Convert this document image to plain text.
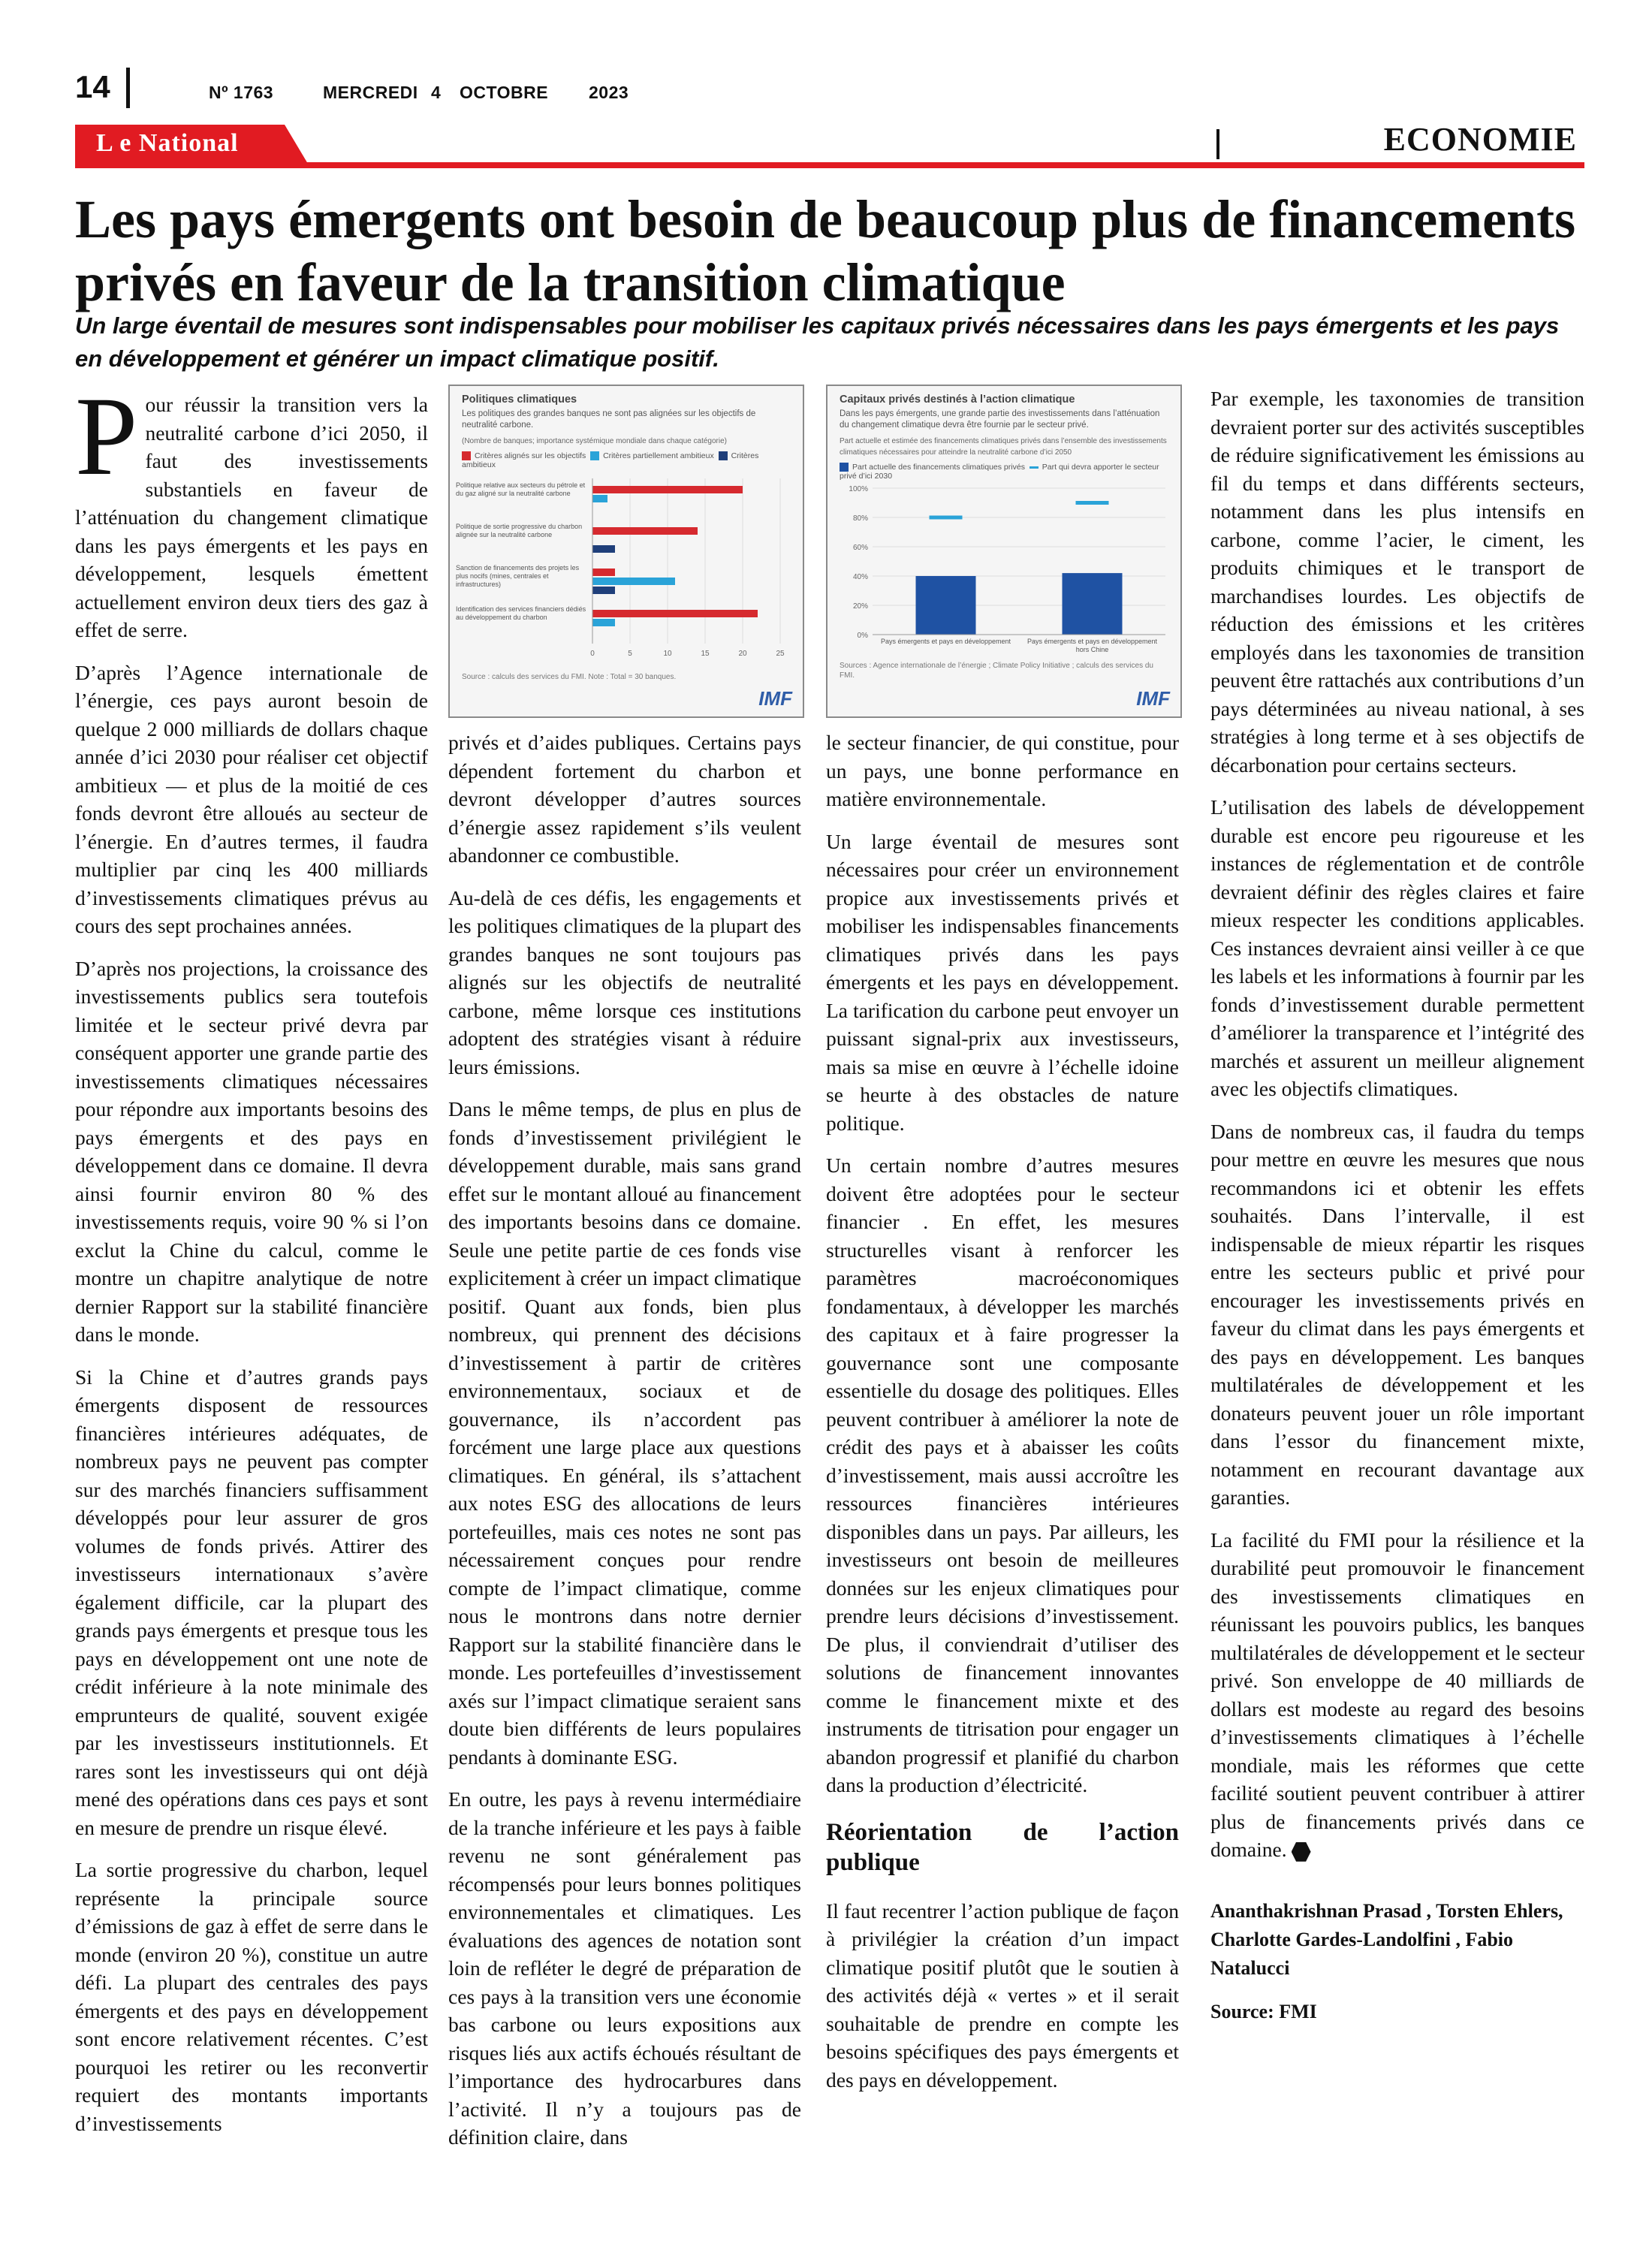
14	Nº 1763	MERCREDI 4 OCTOBRE 2023
L e National	ECONOMIE
Les pays émergents ont besoin de beaucoup plus de financements privés en faveur de la transition climatique
Un large éventail de mesures sont indispensables pour mobiliser les capitaux privés nécessaires dans les pays émergents et les pays en développement et générer un impact climatique positif.

Pour réussir la transition vers la neutralité carbone d’ici 2050, il faut des investissements substantiels en faveur de l’atténuation du changement climatique dans les pays émergents et les pays en développement, lesquels émettent actuellement environ deux tiers des gaz à effet de serre.

D’après l’Agence internationale de l’énergie, ces pays auront besoin de quelque 2 000 milliards de dollars chaque année d’ici 2030 pour réaliser cet objectif ambitieux — et plus de la moitié de ces fonds devront être alloués au secteur de l’énergie. En d’autres termes, il faudra multiplier par cinq les 400 milliards d’investissements climatiques prévus au cours des sept prochaines années.

D’après nos projections, la croissance des investissements publics sera toutefois limitée et le secteur privé devra par conséquent apporter une grande partie des investissements climatiques nécessaires pour répondre aux importants besoins des pays émergents et des pays en développement dans ce domaine. Il devra ainsi fournir environ 80 % des investissements requis, voire 90 % si l’on exclut la Chine du calcul, comme le montre un chapitre analytique de notre dernier Rapport sur la stabilité financière dans le monde.

Si la Chine et d’autres grands pays émergents disposent de ressources financières intérieures adéquates, de nombreux pays ne peuvent pas compter sur des marchés financiers suffisamment développés pour leur assurer de gros volumes de fonds privés. Attirer des investisseurs internationaux s’avère également difficile, car la plupart des grands pays émergents et presque tous les pays en développement ont une note de crédit inférieure à la note minimale des emprunteurs de qualité, souvent exigée par les investisseurs institutionnels. Et rares sont les investisseurs qui ont déjà mené des opérations dans ces pays et sont en mesure de prendre un risque élevé.

La sortie progressive du charbon, lequel représente la principale source d’émissions de gaz à effet de serre dans le monde (environ 20 %), constitue un autre défi. La plupart des centrales des pays émergents et des pays en développement sont encore relativement récentes. C’est pourquoi les retirer ou les reconvertir requiert des montants importants d’investissements

Politiques climatiques
Les politiques des grandes banques ne sont pas alignées sur les objectifs de neutralité carbone.
(Nombre de banques; importance systémique mondiale dans chaque catégorie)
Critères alignés sur les objectifs Critères partiellement ambitieux Critères ambitieux
0	5	10	15	20	25
Politique relative aux secteurs du pétrole et du gaz aligné sur la neutralité carbone
Politique de sortie progressive du charbon alignée sur la neutralité carbone
Sanction de financements des projets les plus nocifs (mines, centrales et infrastructures)
Identification des services financiers dédiés au développement du charbon
Source : calculs des services du FMI. Note : Total = 30 banques.
IMF

privés et d’aides publiques. Certains pays dépendent fortement du charbon et devront développer d’autres sources d’énergie assez rapidement s’ils veulent abandonner ce combustible.

Au-delà de ces défis, les engagements et les politiques climatiques de la plupart des grandes banques ne sont toujours pas alignés sur les objectifs de neutralité carbone, même lorsque ces institutions adoptent des stratégies visant à réduire leurs émissions.

Dans le même temps, de plus en plus de fonds d’investissement privilégient le développement durable, mais sans grand effet sur le montant alloué au financement des importants besoins dans ce domaine. Seule une petite partie de ces fonds vise explicitement à créer un impact climatique positif. Quant aux fonds, bien plus nombreux, qui prennent des décisions d’investissement à partir de critères environnementaux, sociaux et de gouvernance, ils n’accordent pas forcément une large place aux questions climatiques. En général, ils s’attachent aux notes ESG des allocations de leurs portefeuilles, mais ces notes ne sont pas nécessairement conçues pour rendre compte de l’impact climatique, comme nous le montrons dans notre dernier Rapport sur la stabilité financière dans le monde. Les portefeuilles d’investissement axés sur l’impact climatique seraient sans doute bien différents de leurs populaires pendants à dominante ESG.

En outre, les pays à revenu intermédiaire de la tranche inférieure et les pays à faible revenu ne sont généralement pas récompensés pour leurs bonnes politiques environnementales et climatiques. Les évaluations des agences de notation sont loin de refléter le degré de préparation de ces pays à la transition vers une économie bas carbone ou leurs expositions aux risques liés aux actifs échoués résultant de l’importance des hydrocarbures dans l’activité. Il n’y a toujours pas de définition claire, dans

Capitaux privés destinés à l’action climatique
Dans les pays émergents, une grande partie des investissements dans l’atténuation du changement climatique devra être fournie par le secteur privé.
Part actuelle et estimée des financements climatiques privés dans l’ensemble des investissements climatiques nécessaires pour atteindre la neutralité carbone d’ici 2050
Part actuelle des financements climatiques privés Part qui devra apporter le secteur privé d’ici 2030
0%
20%
40%
60%
80%
100%
Pays émergents et pays en développement Pays émergents et pays en développement hors Chine
Sources : Agence internationale de l’énergie ; Climate Policy Initiative ; calculs des services du FMI.
IMF

le secteur financier, de qui constitue, pour un pays, une bonne performance en matière environnementale.

Un large éventail de mesures sont nécessaires pour créer un environnement propice aux investissements privés et mobiliser les indispensables financements climatiques privés dans les pays émergents et les pays en développement. La tarification du carbone peut envoyer un puissant signal-prix aux investisseurs, mais sa mise en œuvre à l’échelle idoine se heurte à des obstacles de nature politique.

Un certain nombre d’autres mesures doivent être adoptées pour le secteur financier . En effet, les mesures structurelles visant à renforcer les paramètres macroéconomiques fondamentaux, à développer les marchés des capitaux et à faire progresser la gouvernance sont une composante essentielle du dosage des politiques. Elles peuvent contribuer à améliorer la note de crédit des pays et à abaisser les coûts d’investissement, mais aussi accroître les ressources financières intérieures disponibles dans un pays. Par ailleurs, les investisseurs ont besoin de meilleures données sur les enjeux climatiques pour prendre leurs décisions d’investissement. De plus, il conviendrait d’utiliser des solutions de financement innovantes comme le financement mixte et des instruments de titrisation pour engager un abandon progressif et planifié du charbon dans la production d’électricité.

Réorientation de l’action publique

Il faut recentrer l’action publique de façon à privilégier la création d’un impact climatique positif plutôt que le soutien à des activités déjà « vertes » et il serait souhaitable de prendre en compte les besoins spécifiques des pays émergents et des pays en développement.

Par exemple, les taxonomies de transition devraient porter sur des activités susceptibles de réduire significativement les émissions au fil du temps et dans différents secteurs, notamment dans les plus intensifs en carbone, comme l’acier, le ciment, les produits chimiques et le transport de marchandises lourdes. Les objectifs de réduction des émissions et les critères employés dans les taxonomies de transition peuvent être rattachés aux contributions d’un pays déterminées au niveau national, à ses stratégies à long terme et à ses objectifs de décarbonation pour certains secteurs.

L’utilisation des labels de développement durable est encore peu rigoureuse et les instances de réglementation et de contrôle devraient définir des règles claires et faire mieux respecter les conditions applicables. Ces instances devraient ainsi veiller à ce que les labels et les informations à fournir par les fonds d’investissement durable permettent d’améliorer la transparence et l’intégrité des marchés et assurent un meilleur alignement avec les objectifs climatiques.

Dans de nombreux cas, il faudra du temps pour mettre en œuvre les mesures que nous recommandons ici et obtenir les effets souhaités. Dans l’intervalle, il est indispensable de mieux répartir les risques entre les secteurs public et privé pour encourager les investissements privés en faveur du climat dans les pays émergents et des pays en développement. Les banques multilatérales de développement et les donateurs peuvent jouer un rôle important dans l’essor du financement mixte, notamment en recourant davantage aux garanties.

La facilité du FMI pour la résilience et la durabilité peut promouvoir le financement des investissements climatiques en réunissant les pouvoirs publics, les banques multilatérales de développement et le secteur privé. Son enveloppe de 40 milliards de dollars est modeste au regard des besoins d’investissements climatiques à l’échelle mondiale, mais les réformes que cette facilité soutient peuvent contribuer à attirer plus de financements privés dans ce domaine.

Ananthakrishnan Prasad , Torsten Ehlers, Charlotte Gardes-Landolfini , Fabio Natalucci
Source: FMI
